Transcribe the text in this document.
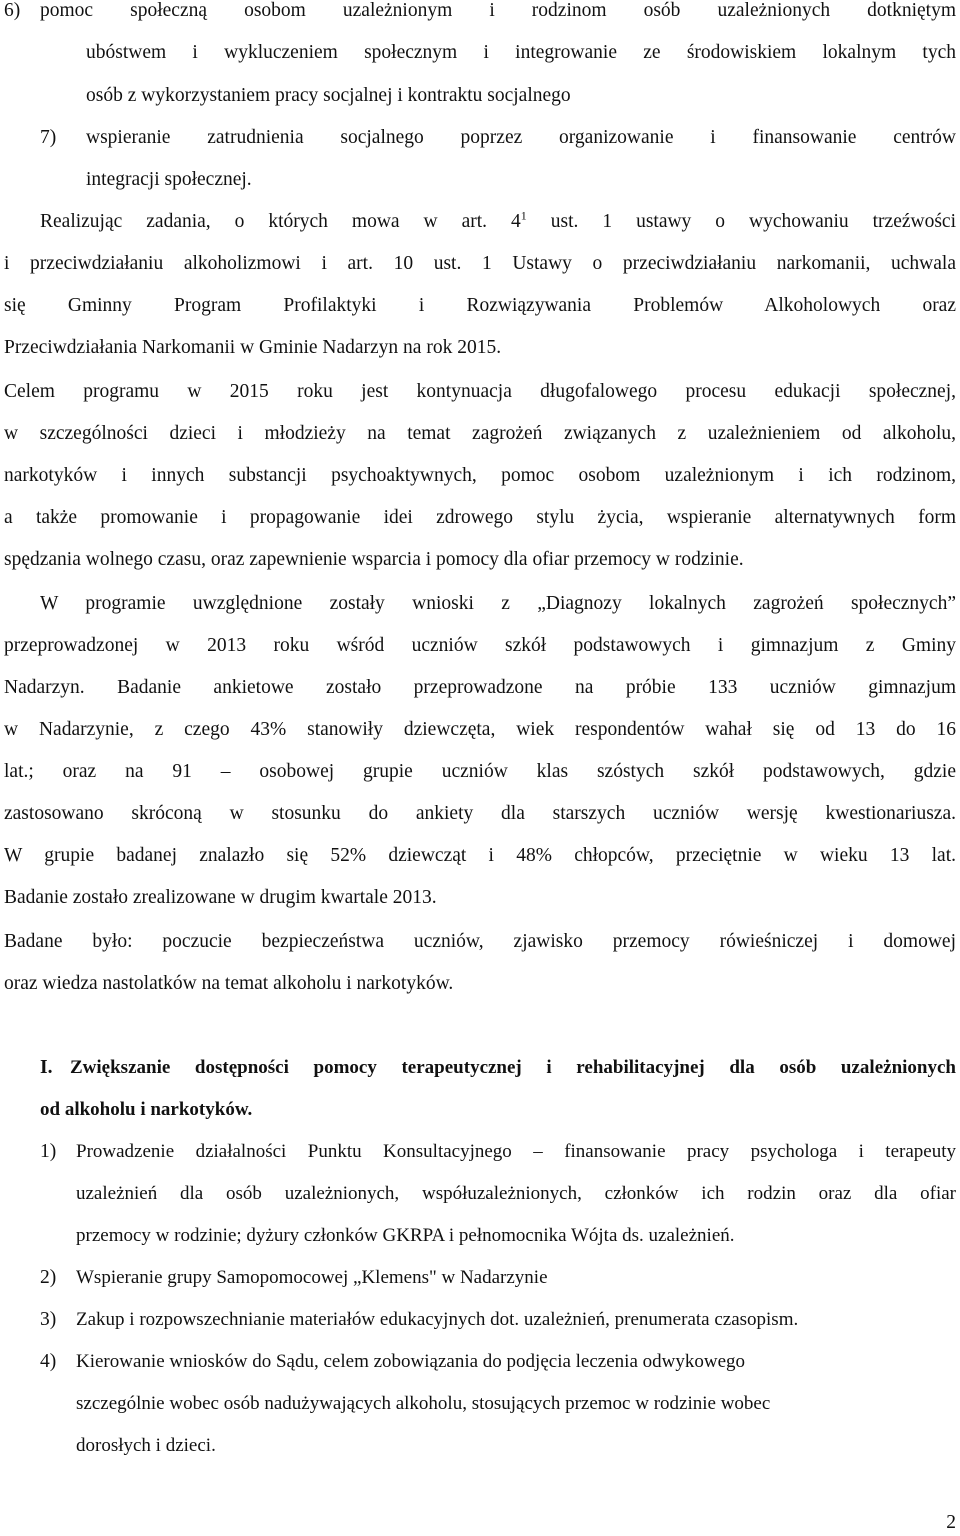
6) pomoc społeczną osobom uzależnionym i rodzinom osób uzależnionych dotkniętym

ubóstwem i wykluczeniem społecznym i integrowanie ze środowiskiem lokalnym tych

osób z wykorzystaniem pracy socjalnej i kontraktu socjalnego

7) wspieranie zatrudnienia socjalnego poprzez organizowanie i finansowanie centrów

integracji społecznej.

Realizując zadania, o których mowa w art. $4^1$ ust. 1 ustawy o wychowaniu trzeźwości

i przeciwdziałaniu alkoholizmowi i art. 10 ust. 1 Ustawy o przeciwdziałaniu narkomanii, uchwala

się Gminny Program Profilaktyki i Rozwiązywania Problemów Alkoholowych oraz

Przeciwdziałania Narkomanii w Gminie Nadarzyn na rok 2015.

Celem programu w 2015 roku jest kontynuacja długofalowego procesu edukacji społecznej,

w szczególności dzieci i młodzieży na temat zagrożeń związanych z uzależnieniem od alkoholu,

narkotyków i innych substancji psychoaktywnych, pomoc osobom uzależnionym i ich rodzinom,

a także promowanie i propagowanie idei zdrowego stylu życia, wspieranie alternatywnych form

spędzania wolnego czasu, oraz zapewnienie wsparcia i pomocy dla ofiar przemocy w rodzinie.

W programie uwzględnione zostały wnioski z „Diagnozy lokalnych zagrożeń społecznych”

przeprowadzonej w 2013 roku wśród uczniów szkół podstawowych i gimnazjum z Gminy

Nadarzyn. Badanie ankietowe zostało przeprowadzone na próbie 133 uczniów gimnazjum

w Nadarzynie, z czego 43% stanowiły dziewczęta, wiek respondentów wahał się od 13 do 16

lat.; oraz na 91 – osobowej grupie uczniów klas szóstych szkół podstawowych, gdzie

zastosowano skróconą w stosunku do ankiety dla starszych uczniów wersję kwestionariusza.

W grupie badanej znalazło się 52% dziewcząt i 48% chłopców, przeciętnie w wieku 13 lat.

Badanie zostało zrealizowane w drugim kwartale 2013.

Badane było: poczucie bezpieczeństwa uczniów, zjawisko przemocy rówieśniczej i domowej

oraz wiedza nastolatków na temat alkoholu i narkotyków.

I. Zwiększanie dostępności pomocy terapeutycznej i rehabilitacyjnej dla osób uzależnionych

od alkoholu i narkotyków.

1) Prowadzenie działalności Punktu Konsultacyjnego – finansowanie pracy psychologa i terapeuty

uzależnień dla osób uzależnionych, współuzależnionych, członków ich rodzin oraz dla ofiar

przemocy w rodzinie; dyżury członków GKRPA i pełnomocnika Wójta ds. uzależnień.

2) Wspieranie grupy Samopomocowej „Klemens" w Nadarzynie

3) Zakup i rozpowszechnianie materiałów edukacyjnych dot. uzależnień, prenumerata czasopism.

4) Kierowanie wniosków do Sądu, celem zobowiązania do podjęcia leczenia odwykowego

szczególnie wobec osób nadużywających alkoholu, stosujących przemoc w rodzinie wobec

dorosłych i dzieci.

2
